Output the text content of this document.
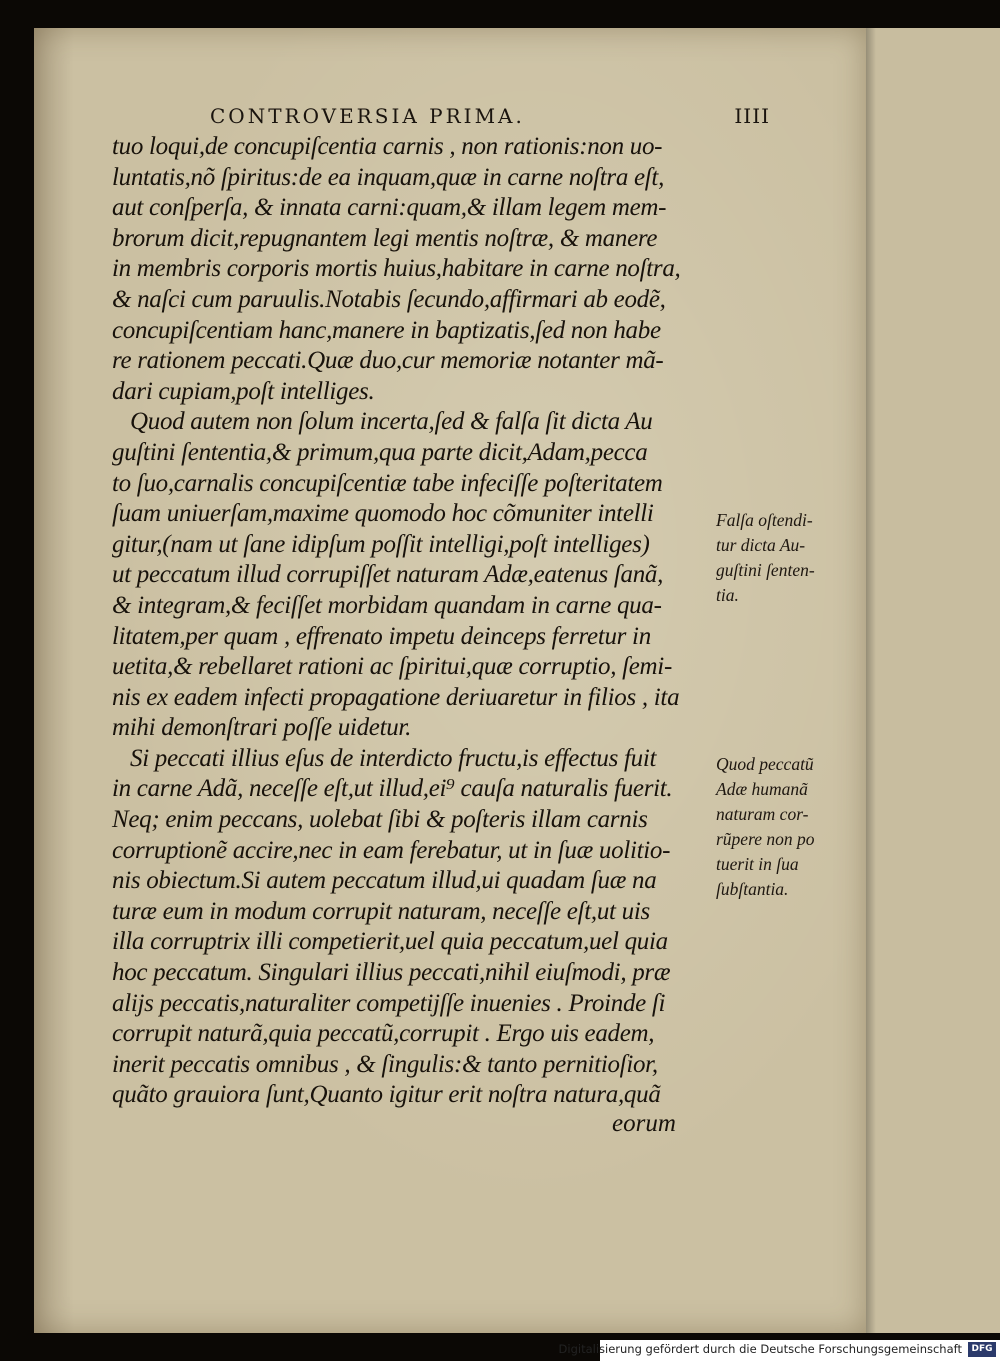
CONTROVERSIA PRIMA.	IIII
tuo loqui,de concupiſcentia carnis , non rationis:non uo-
luntatis,nõ ſpiritus:de ea inquam,quæ in carne noſtra eſt,
aut conſperſa, & innata carni:quam,& illam legem mem-
brorum dicit,repugnantem legi mentis noſtræ, & manere
in membris corporis mortis huius,habitare in carne noſtra,
& naſci cum paruulis.Notabis ſecundo,affirmari ab eodẽ,
concupiſcentiam hanc,manere in baptizatis,ſed non habe
re rationem peccati.Quæ duo,cur memoriæ notanter mã-
dari cupiam,poſt intelliges.
Quod autem non ſolum incerta,ſed & falſa ſit dicta Au
guſtini ſententia,& primum,qua parte dicit,Adam,pecca
to ſuo,carnalis concupiſcentiæ tabe infeciſſe poſteritatem
ſuam uniuerſam,maxime quomodo hoc cõmuniter intelli
gitur,(nam ut ſane idipſum poſſit intelligi,poſt intelliges)
ut peccatum illud corrupiſſet naturam Adæ,eatenus ſanã,
& integram,& feciſſet morbidam quandam in carne qua-
litatem,per quam , effrenato impetu deinceps ferretur in
uetita,& rebellaret rationi ac ſpiritui,quæ corruptio, ſemi-
nis ex eadem infecti propagatione deriuaretur in filios , ita
mihi demonſtrari poſſe uidetur.
Si peccati illius eſus de interdicto fructu,is effectus fuit
in carne Adã, neceſſe eſt,ut illud,ei⁹ cauſa naturalis fuerit.
Neq; enim peccans, uolebat ſibi & poſteris illam carnis
corruptionẽ accire,nec in eam ferebatur, ut in ſuæ uolitio-
nis obiectum.Si autem peccatum illud,ui quadam ſuæ na
turæ eum in modum corrupit naturam, neceſſe eſt,ut uis
illa corruptrix illi competierit,uel quia peccatum,uel quia
hoc peccatum. Singulari illius peccati,nihil eiuſmodi, præ
alijs peccatis,naturaliter competijſſe inuenies . Proinde ſi
corrupit naturã,quia peccatũ,corrupit . Ergo uis eadem,
inerit peccatis omnibus , & ſingulis:& tanto pernitioſior,
quãto grauiora ſunt,Quanto igitur erit noſtra natura,quã
eorum
Falſa oſtendi-
tur dicta Au-
guſtini ſenten-
tia.
Quod peccatũ
Adæ humanã
naturam cor-
rũpere non po
tuerit in ſua
ſubſtantia.
Digitalisierung gefördert durch die Deutsche Forschungsgemeinschaft	DFG
